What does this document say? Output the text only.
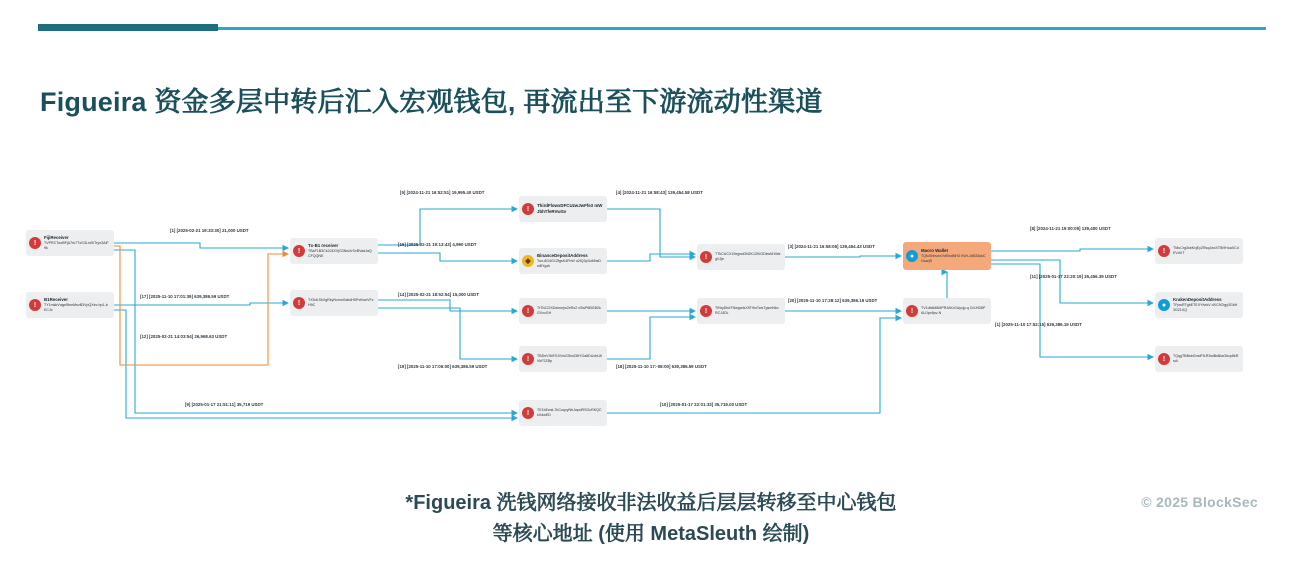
Figueira 资金多层中转后汇入宏观钱包, 再流出至下游流动性渠道
!
FijiReceiver
TVPRCTwd9FjA7rk7TxG3LmSiTryn3AiF9k
!
B1Receiver
TY1mkkVwge5bmMsvB3VpQXec bp1-bECJx
!
Tx-B1 receiver
TBaF1B3Ck2J4XVjG3NwXrSvBVadJaQCFQQNE
!	TX5dLSkVgRkyNvmnGakdH5PxKweVFzH9C
!	ThirdFlowxDFCUzwJwFfe3 mWJbhTfeRVwSv
◆
BinanceDepositAddress
Tun-8G4G1ZfgsK4FhW u2tQ3p3uMhsDwBYgzk
!	TrTbZJ2XDxknejm2eRz2 xSwP6BGB2kGVxvGH
!	TBDeV3bFGXVwGSnsDBYGa8DUobUKVkF2ZBp
!	TE1bEwsL7bCoqvyNbJwpdRSGcRKQCkXdwED
!	TTkCUCX19egwd3N2K1ZKiGDkwM1WagVJje
!	TfNryDbdTNwgxdsX9T9mTwsTgsmNbvRCJ4DL	!	TV1dbkM8MPRJAKrGAyxjp-q Gr1HD8PAUJpv8pv-N
●
Macro Wallet
TQfuShbvwr1VrBndNH3 KWr-JdS83skCGsarjS
!	TMuCrg3sbKxjEy2RsqJwcXTBHHuaXCdEVdXT
●
KrakenDepositAddress
TFpwRTgbETEXYfvrkV dXC9Ctgy3GkH3G21XQ
!	TQqgTBBsbGmdFfLR3wiBsBtaGbcp8kRsdi
[1] [2025-02-21 19:33:30] 21,000 USDT
[17] [2025-11-10 17:01:39] 639,386.59 USDT
[12] [2025-02-21 14:03:54] 26,968.63 USDT
[9] [2025-01-17 21:51:11] 35,719 USDT
[5] [2024-11-21 16:52:51] 19,995.40 USDT
[16] [2025-02-21 19:13:43] 4,990 USDT
[14] [2025-02-21 18:52:54] 15,000 USDT
[19] [2025-11-10 17:06:00] 639,386.59 USDT
[4] [2024-11-21 16:58:43] 139,454.58 USDT
[3] [2024-11-21 16:58:06] 139,454.43 USDT
[20] [2025-11-10 17:28:12] 639,386.19 USDT
[18] [2025-11-10 17:-08:00] 639,386.59 USDT
[10] [2025-01-17 22:01:33] 35,719.03 USDT
[1] [2025-11-10 17:52:15] 639,386.19 USDT
[8] [2024-11-21 19:00:09] 139,400 USDT
[11] [2025-01-17 22:20:19] 35,456.39 USDT
*Figueira 洗钱网络接收非法收益后层层转移至中心钱包
等核心地址 (使用 MetaSleuth 绘制)
© 2025 BlockSec
